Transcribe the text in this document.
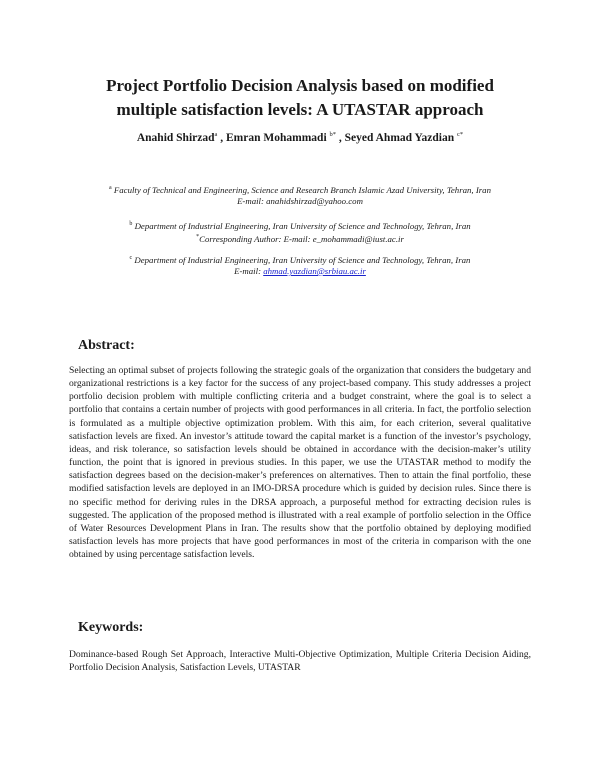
Project Portfolio Decision Analysis based on modified
multiple satisfaction levels: A UTASTAR approach
Anahid Shirzad$^a$ , Emran Mohammadi $^{b*}$ , Seyed Ahmad Yazdian $^{c*}$

$^a$ Faculty of Technical and Engineering, Science and Research Branch Islamic Azad University, Tehran, Iran
E-mail: anahidshirzad@yahoo.com

$^b$ Department of Industrial Engineering, Iran University of Science and Technology, Tehran, Iran
*Corresponding Author: E-mail: e_mohammadi@iust.ac.ir

$^c$ Department of Industrial Engineering, Iran University of Science and Technology, Tehran, Iran
E-mail: ahmad.yazdian@srbiau.ac.ir

Abstract:

Selecting an optimal subset of projects following the strategic goals of the organization that considers the budgetary and organizational restrictions is a key factor for the success of any project-based company. This study addresses a project portfolio decision problem with multiple conflicting criteria and a budget constraint, where the goal is to select a portfolio that contains a certain number of projects with good performances in all criteria. In fact, the portfolio selection is formulated as a multiple objective optimization problem. With this aim, for each criterion, several qualitative satisfaction levels are fixed. An investor’s attitude toward the capital market is a function of the investor’s psychology, ideas, and risk tolerance, so satisfaction levels should be obtained in accordance with the decision-maker’s utility function, the point that is ignored in previous studies. In this paper, we use the UTASTAR method to modify the satisfaction degrees based on the decision-maker’s preferences on alternatives. Then to attain the final portfolio, these modified satisfaction levels are deployed in an IMO-DRSA procedure which is guided by decision rules. Since there is no specific method for deriving rules in the DRSA approach, a purposeful method for extracting decision rules is suggested. The application of the proposed method is illustrated with a real example of portfolio selection in the Office of Water Resources Development Plans in Iran. The results show that the portfolio obtained by deploying modified satisfaction levels has more projects that have good performances in most of the criteria in comparison with the one obtained by using percentage satisfaction levels.

Keywords:

Dominance-based Rough Set Approach, Interactive Multi-Objective Optimization, Multiple Criteria Decision Aiding, Portfolio Decision Analysis, Satisfaction Levels, UTASTAR
